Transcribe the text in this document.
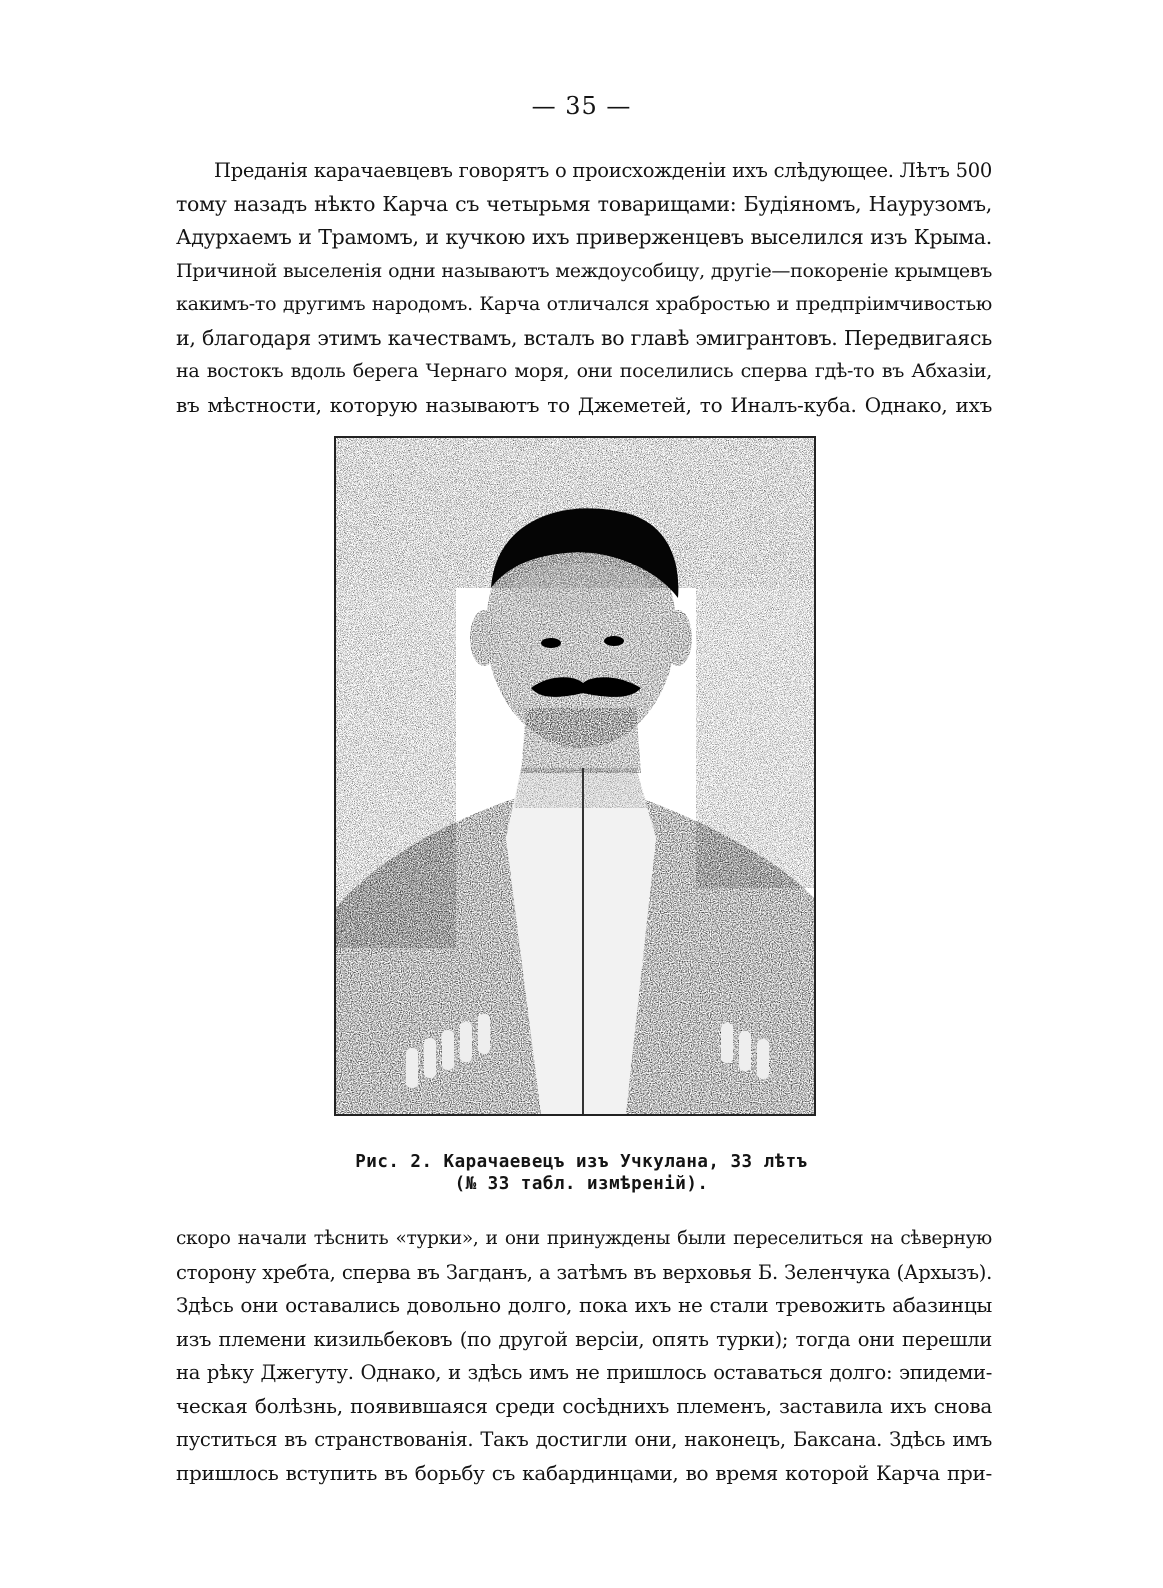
— 35 —
Преданія карачаевцевъ говорятъ о происхожденіи ихъ слѣдующее. Лѣтъ 500
тому назадъ нѣкто Карча съ четырьмя товарищами: Будіяномъ, Наурузомъ,
Адурхаемъ и Трамомъ, и кучкою ихъ приверженцевъ выселился изъ Крыма.
Причиной выселенія одни называютъ междоусобицу, другіе—покореніе крымцевъ
какимъ-то другимъ народомъ. Карча отличался храбростью и предпріимчивостью
и, благодаря этимъ качествамъ, всталъ во главѣ эмигрантовъ. Передвигаясь
на востокъ вдоль берега Чернаго моря, они поселились сперва гдѣ-то въ Абхазіи,
въ мѣстности, которую называютъ то Джеметей, то Иналъ-куба. Однако, ихъ
Рис. 2. Карачаевецъ изъ Учкулана, 33 лѣтъ
(№ 33 табл. измѣреній).
скоро начали тѣснить «турки», и они принуждены были переселиться на сѣверную
сторону хребта, сперва въ Загданъ, а затѣмъ въ верховья Б. Зеленчука (Архызъ).
Здѣсь они оставались довольно долго, пока ихъ не стали тревожить абазинцы
изъ племени кизильбековъ (по другой версіи, опять турки); тогда они перешли
на рѣку Джегуту. Однако, и здѣсь имъ не пришлось оставаться долго: эпидеми-
ческая болѣзнь, появившаяся среди сосѣднихъ племенъ, заставила ихъ снова
пуститься въ странствованія. Такъ достигли они, наконецъ, Баксана. Здѣсь имъ
пришлось вступить въ борьбу съ кабардинцами, во время которой Карча при-
